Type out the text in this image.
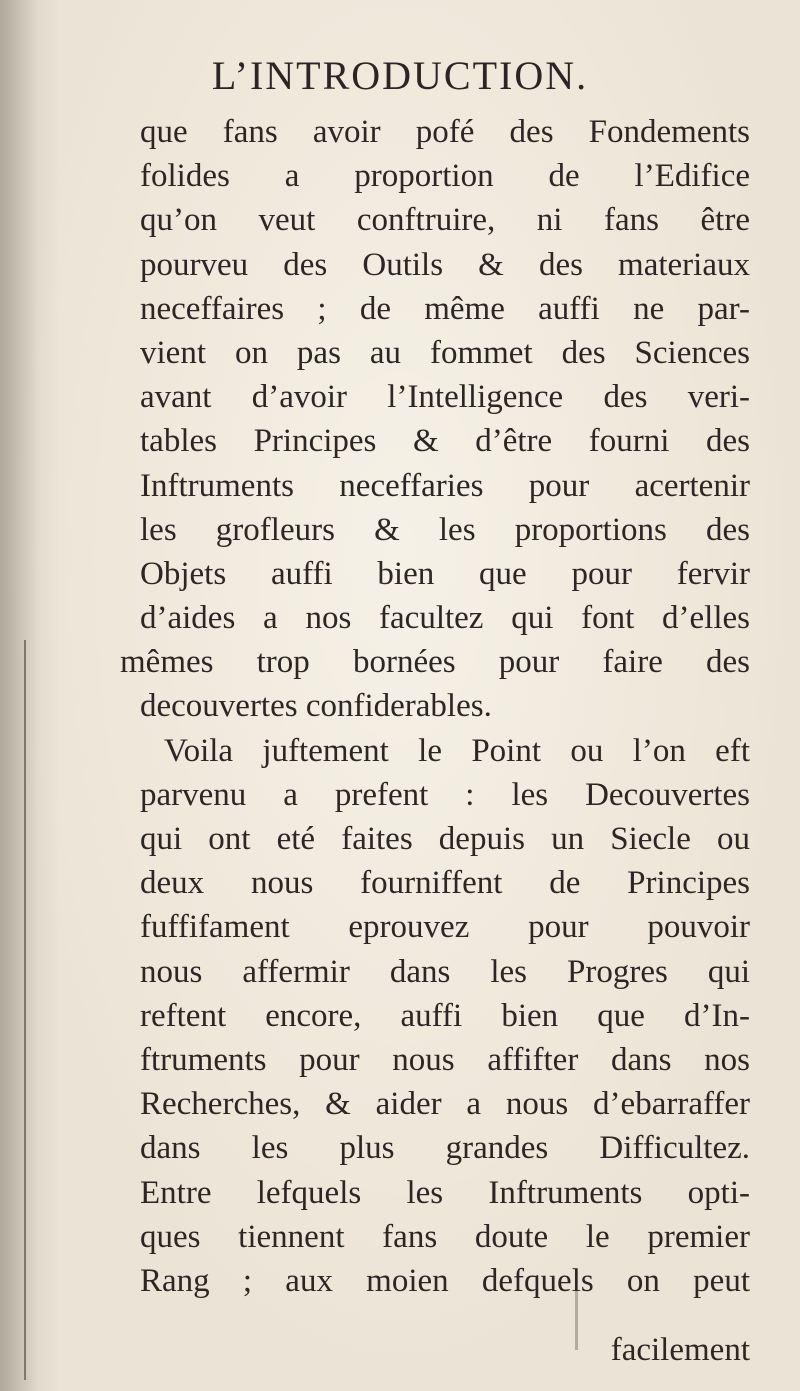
L’INTRODUCTION.
que fans avoir pofé des Fondements
folides a proportion de l’Edifice
qu’on veut conftruire, ni fans être
pourveu des Outils & des materiaux
neceffaires ; de même auffi ne par-
vient on pas au fommet des Sciences
avant d’avoir l’Intelligence des veri-
tables Principes & d’être fourni des
Inftruments neceffaries pour acertenir
les grofleurs & les proportions des
Objets auffi bien que pour fervir
d’aides a nos facultez qui font d’elles
mêmes trop bornées pour faire des
decouvertes confiderables.
Voila juftement le Point ou l’on eft
parvenu a prefent : les Decouvertes
qui ont eté faites depuis un Siecle ou
deux nous fourniffent de Principes
fuffifament eprouvez pour pouvoir
nous affermir dans les Progres qui
reftent encore, auffi bien que d’In-
ftruments pour nous affifter dans nos
Recherches, & aider a nous d’ebarraffer
dans les plus grandes Difficultez.
Entre lefquels les Inftruments opti-
ques tiennent fans doute le premier
Rang ; aux moien defquels on peut
facilement
